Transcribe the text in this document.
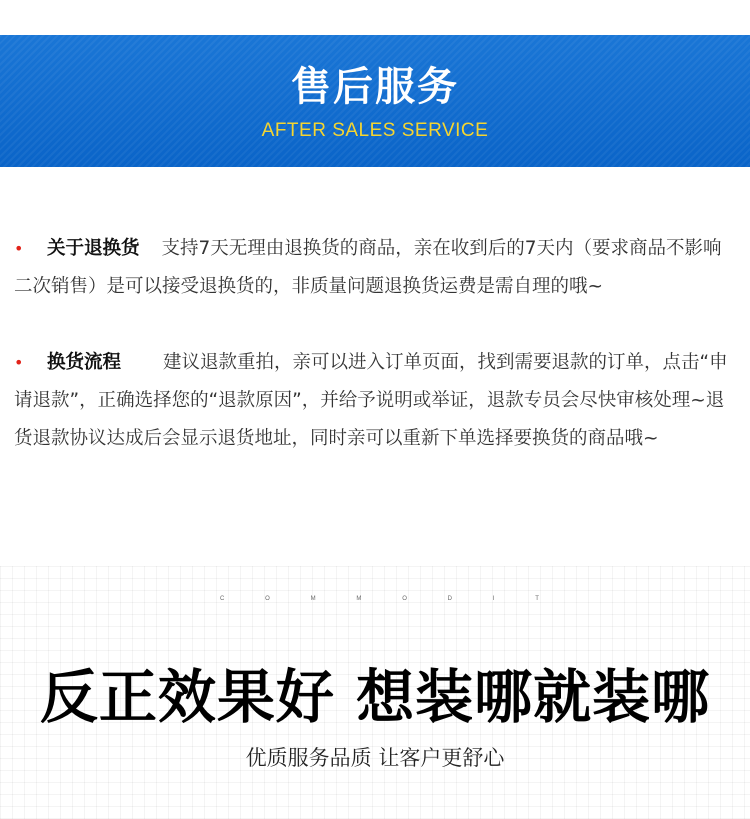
售后服务
AFTER SALES SERVICE
• 关于退换货 支持7天无理由退换货的商品，亲在收到后的7天内（要求商品不影响二次销售）是可以接受退换货的，非质量问题退换货运费是需自理的哦~
• 换货流程 建议退款重拍，亲可以进入订单页面，找到需要退款的订单，点击“申请退款”，正确选择您的“退款原因”，并给予说明或举证，退款专员会尽快审核处理~退货退款协议达成后会显示退货地址，同时亲可以重新下单选择要换货的商品哦~
C	O	M	M	O	D	I	T
反正效果好 想装哪就装哪
优质服务品质 让客户更舒心
